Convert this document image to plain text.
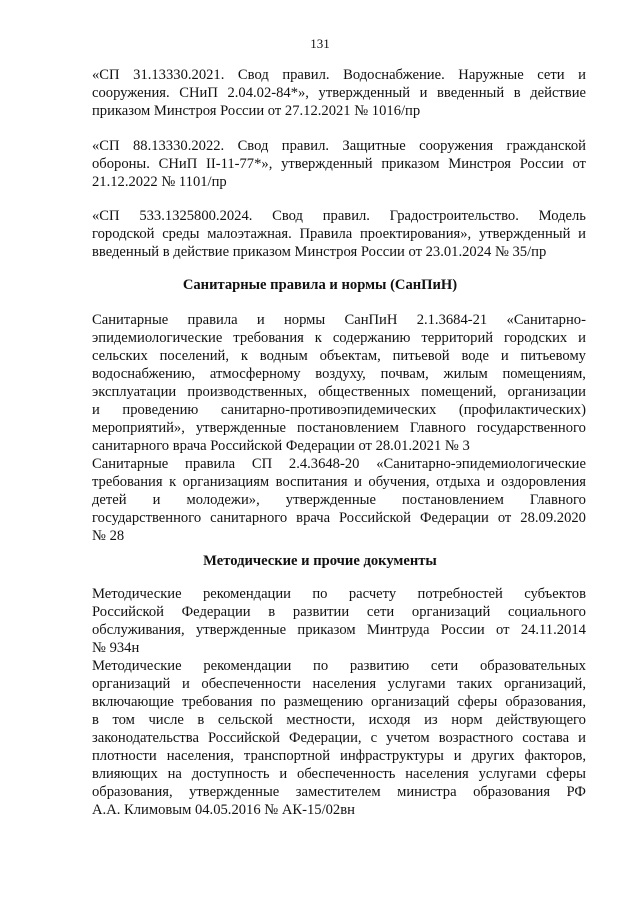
131
«СП 31.13330.2021. Свод правил. Водоснабжение. Наружные сети и
сооружения. СНиП 2.04.02-84*», утвержденный и введенный в действие
приказом Минстроя России от 27.12.2021 № 1016/пр
«СП 88.13330.2022. Свод правил. Защитные сооружения гражданской
обороны. СНиП II-11-77*», утвержденный приказом Минстроя России от
21.12.2022 № 1101/пр
«СП 533.1325800.2024. Свод правил. Градостроительство. Модель
городской среды малоэтажная. Правила проектирования», утвержденный и
введенный в действие приказом Минстроя России от 23.01.2024 № 35/пр
Санитарные правила и нормы (СанПиН)
Санитарные правила и нормы СанПиН 2.1.3684-21 «Санитарно-
эпидемиологические требования к содержанию территорий городских и
сельских поселений, к водным объектам, питьевой воде и питьевому
водоснабжению, атмосферному воздуху, почвам, жилым помещениям,
эксплуатации производственных, общественных помещений, организации
и проведению санитарно-противоэпидемических (профилактических)
мероприятий», утвержденные постановлением Главного государственного
санитарного врача Российской Федерации от 28.01.2021 № 3
Санитарные правила СП 2.4.3648-20 «Санитарно-эпидемиологические
требования к организациям воспитания и обучения, отдыха и оздоровления
детей и молодежи», утвержденные постановлением Главного
государственного санитарного врача Российской Федерации от 28.09.2020
№ 28
Методические и прочие документы
Методические рекомендации по расчету потребностей субъектов
Российской Федерации в развитии сети организаций социального
обслуживания, утвержденные приказом Минтруда России от 24.11.2014
№ 934н
Методические рекомендации по развитию сети образовательных
организаций и обеспеченности населения услугами таких организаций,
включающие требования по размещению организаций сферы образования,
в том числе в сельской местности, исходя из норм действующего
законодательства Российской Федерации, с учетом возрастного состава и
плотности населения, транспортной инфраструктуры и других факторов,
влияющих на доступность и обеспеченность населения услугами сферы
образования, утвержденные заместителем министра образования РФ
А.А. Климовым 04.05.2016 № АК-15/02вн
